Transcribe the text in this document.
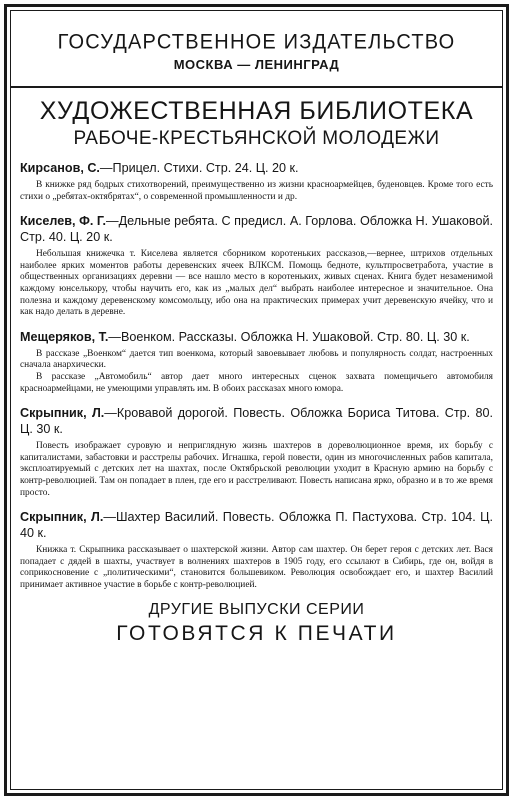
ГОСУДАРСТВЕННОЕ ИЗДАТЕЛЬСТВО
МОСКВА — ЛЕНИНГРАД
ХУДОЖЕСТВЕННАЯ БИБЛИОТЕКА
РАБОЧЕ-КРЕСТЬЯНСКОЙ МОЛОДЕЖИ
Кирсанов, С.—Прицел. Стихи. Стр. 24. Ц. 20 к.

В книжке ряд бодрых стихотворений, преимущественно из жизни красноармейцев, буденовцев. Кроме того есть стихи о „ребятах-октябрятах“, о современной промышленности и др.

Киселев, Ф. Г.—Дельные ребята. С предисл. А. Горлова. Обложка Н. Ушаковой. Стр. 40. Ц. 20 к.

Небольшая книжечка т. Киселева является сборником коротеньких рассказов,—вернее, штрихов отдельных наиболее ярких моментов работы деревенских ячеек ВЛКСМ. Помощь бедноте, культпросветработа, участие в общественных организациях деревни — все нашло место в коротеньких, живых сценах. Книга будет незаменимой каждому юнселькору, чтобы научить его, как из „малых дел“ выбрать наиболее интересное и значительное. Она полезна и каждому деревенскому комсомольцу, ибо она на практических примерах учит деревенскую ячейку, что и как надо делать в деревне.

Мещеряков, Т.—Военком. Рассказы. Обложка Н. Ушаковой. Стр. 80. Ц. 30 к.

В рассказе „Военком“ дается тип военкома, который завоевывает любовь и популярность солдат, настроенных сначала анархически.

В рассказе „Автомобиль“ автор дает много интересных сценок захвата помещичьего автомобиля красноармейцами, не умеющими управлять им. В обоих рассказах много юмора.

Скрыпник, Л.—Кровавой дорогой. Повесть. Обложка Бориса Титова. Стр. 80. Ц. 30 к.

Повесть изображает суровую и неприглядную жизнь шахтеров в дореволюционное время, их борьбу с капиталистами, забастовки и расстрелы рабочих. Игнашка, герой повести, один из многочисленных рабов капитала, эксплоатируемый с детских лет на шахтах, после Октябрьской революции уходит в Красную армию на борьбу с контр-революцией. Там он попадает в плен, где его и расстреливают. Повесть написана ярко, образно и в то же время просто.

Скрыпник, Л.—Шахтер Василий. Повесть. Обложка П. Пастухова. Стр. 104. Ц. 40 к.

Книжка т. Скрыпника рассказывает о шахтерской жизни. Автор сам шахтер. Он берет героя с детских лет. Вася попадает с дядей в шахты, участвует в волнениях шахтеров в 1905 году, его ссылают в Сибирь, где он, войдя в соприкосновение с „политическими“, становится большевиком. Революция освобождает его, и шахтер Василий принимает активное участие в борьбе с контр-революцией.

ДРУГИЕ ВЫПУСКИ СЕРИИ
ГОТОВЯТСЯ К ПЕЧАТИ
